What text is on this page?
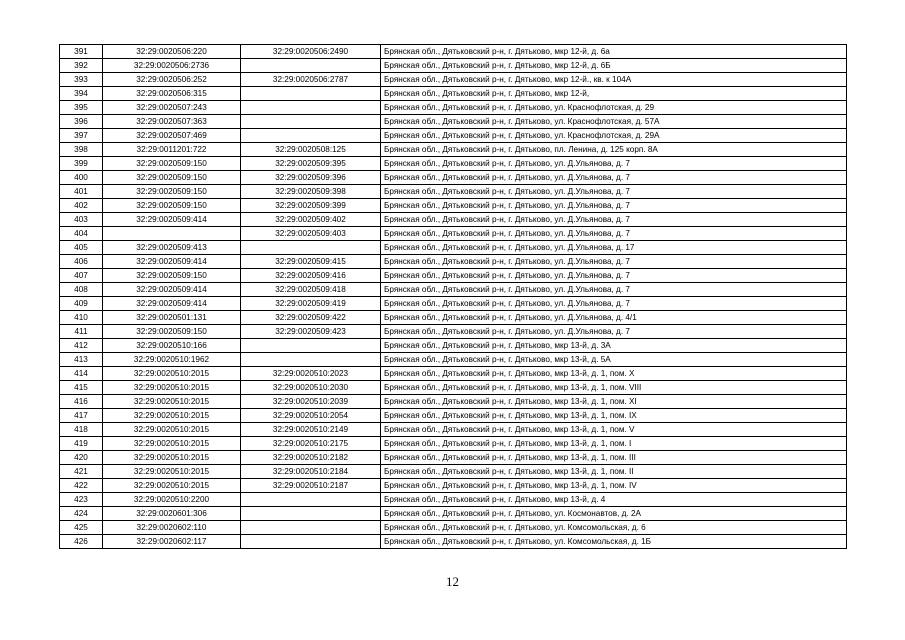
391	32:29:0020506:220	32:29:0020506:2490	Брянская обл., Дятьковский р-н, г. Дятьково, мкр 12-й, д. 6а
392	32:29:0020506:2736		Брянская обл., Дятьковский р-н, г. Дятьково, мкр 12-й, д. 6Б
393	32:29:0020506:252	32:29:0020506:2787	Брянская обл., Дятьковский р-н, г. Дятьково, мкр 12-й., кв. к 104А
394	32:29:0020506:315		Брянская обл., Дятьковский р-н, г. Дятьково, мкр 12-й,
395	32:29:0020507:243		Брянская обл., Дятьковский р-н, г. Дятьково, ул. Краснофлотская, д. 29
396	32:29:0020507:363		Брянская обл., Дятьковский р-н, г. Дятьково, ул. Краснофлотская, д. 57А
397	32:29:0020507:469		Брянская обл., Дятьковский р-н, г. Дятьково, ул. Краснофлотская, д. 29А
398	32:29:0011201:722	32:29:0020508:125	Брянская обл., Дятьковский р-н, г. Дятьково, пл. Ленина, д. 125 корп. 8А
399	32:29:0020509:150	32:29:0020509:395	Брянская обл., Дятьковский р-н, г. Дятьково, ул. Д.Ульянова, д. 7
400	32:29:0020509:150	32:29:0020509:396	Брянская обл., Дятьковский р-н, г. Дятьково, ул. Д.Ульянова, д. 7
401	32:29:0020509:150	32:29:0020509:398	Брянская обл., Дятьковский р-н, г. Дятьково, ул. Д.Ульянова, д. 7
402	32:29:0020509:150	32:29:0020509:399	Брянская обл., Дятьковский р-н, г. Дятьково, ул. Д.Ульянова, д. 7
403	32:29:0020509:414	32:29:0020509:402	Брянская обл., Дятьковский р-н, г. Дятьково, ул. Д.Ульянова, д. 7
404		32:29:0020509:403	Брянская обл., Дятьковский р-н, г. Дятьково, ул. Д.Ульянова, д. 7
405	32:29:0020509:413		Брянская обл., Дятьковский р-н, г. Дятьково, ул. Д.Ульянова, д. 17
406	32:29:0020509:414	32:29:0020509:415	Брянская обл., Дятьковский р-н, г. Дятьково, ул. Д.Ульянова, д. 7
407	32:29:0020509:150	32:29:0020509:416	Брянская обл., Дятьковский р-н, г. Дятьково, ул. Д.Ульянова, д. 7
408	32:29:0020509:414	32:29:0020509:418	Брянская обл., Дятьковский р-н, г. Дятьково, ул. Д.Ульянова, д. 7
409	32:29:0020509:414	32:29:0020509:419	Брянская обл., Дятьковский р-н, г. Дятьково, ул. Д.Ульянова, д. 7
410	32:29:0020501:131	32:29:0020509:422	Брянская обл., Дятьковский р-н, г. Дятьково, ул. Д.Ульянова, д. 4/1
411	32:29:0020509:150	32:29:0020509:423	Брянская обл., Дятьковский р-н, г. Дятьково, ул. Д.Ульянова, д. 7
412	32:29:0020510:166		Брянская обл., Дятьковский р-н, г. Дятьково, мкр 13-й, д. 3А
413	32:29:0020510:1962		Брянская обл., Дятьковский р-н, г. Дятьково, мкр 13-й, д. 5А
414	32:29:0020510:2015	32:29:0020510:2023	Брянская обл., Дятьковский р-н, г. Дятьково, мкр 13-й, д. 1, пом. X
415	32:29:0020510:2015	32:29:0020510:2030	Брянская обл., Дятьковский р-н, г. Дятьково, мкр 13-й, д. 1, пом. VIII
416	32:29:0020510:2015	32:29:0020510:2039	Брянская обл., Дятьковский р-н, г. Дятьково, мкр 13-й, д. 1, пом. XI
417	32:29:0020510:2015	32:29:0020510:2054	Брянская обл., Дятьковский р-н, г. Дятьково, мкр 13-й, д. 1, пом. IX
418	32:29:0020510:2015	32:29:0020510:2149	Брянская обл., Дятьковский р-н, г. Дятьково, мкр 13-й, д. 1, пом. V
419	32:29:0020510:2015	32:29:0020510:2175	Брянская обл., Дятьковский р-н, г. Дятьково, мкр 13-й, д. 1, пом. I
420	32:29:0020510:2015	32:29:0020510:2182	Брянская обл., Дятьковский р-н, г. Дятьково, мкр 13-й, д. 1, пом. III
421	32:29:0020510:2015	32:29:0020510:2184	Брянская обл., Дятьковский р-н, г. Дятьково, мкр 13-й, д. 1, пом. II
422	32:29:0020510:2015	32:29:0020510:2187	Брянская обл., Дятьковский р-н, г. Дятьково, мкр 13-й, д. 1, пом. IV
423	32:29:0020510:2200		Брянская обл., Дятьковский р-н, г. Дятьково, мкр 13-й, д. 4
424	32:29:0020601:306		Брянская обл., Дятьковский р-н, г. Дятьково, ул. Космонавтов, д. 2А
425	32:29:0020602:110		Брянская обл., Дятьковский р-н, г. Дятьково, ул. Комсомольская, д. 6
426	32:29:0020602:117		Брянская обл., Дятьковский р-н, г. Дятьково, ул. Комсомольская, д. 1Б
12
